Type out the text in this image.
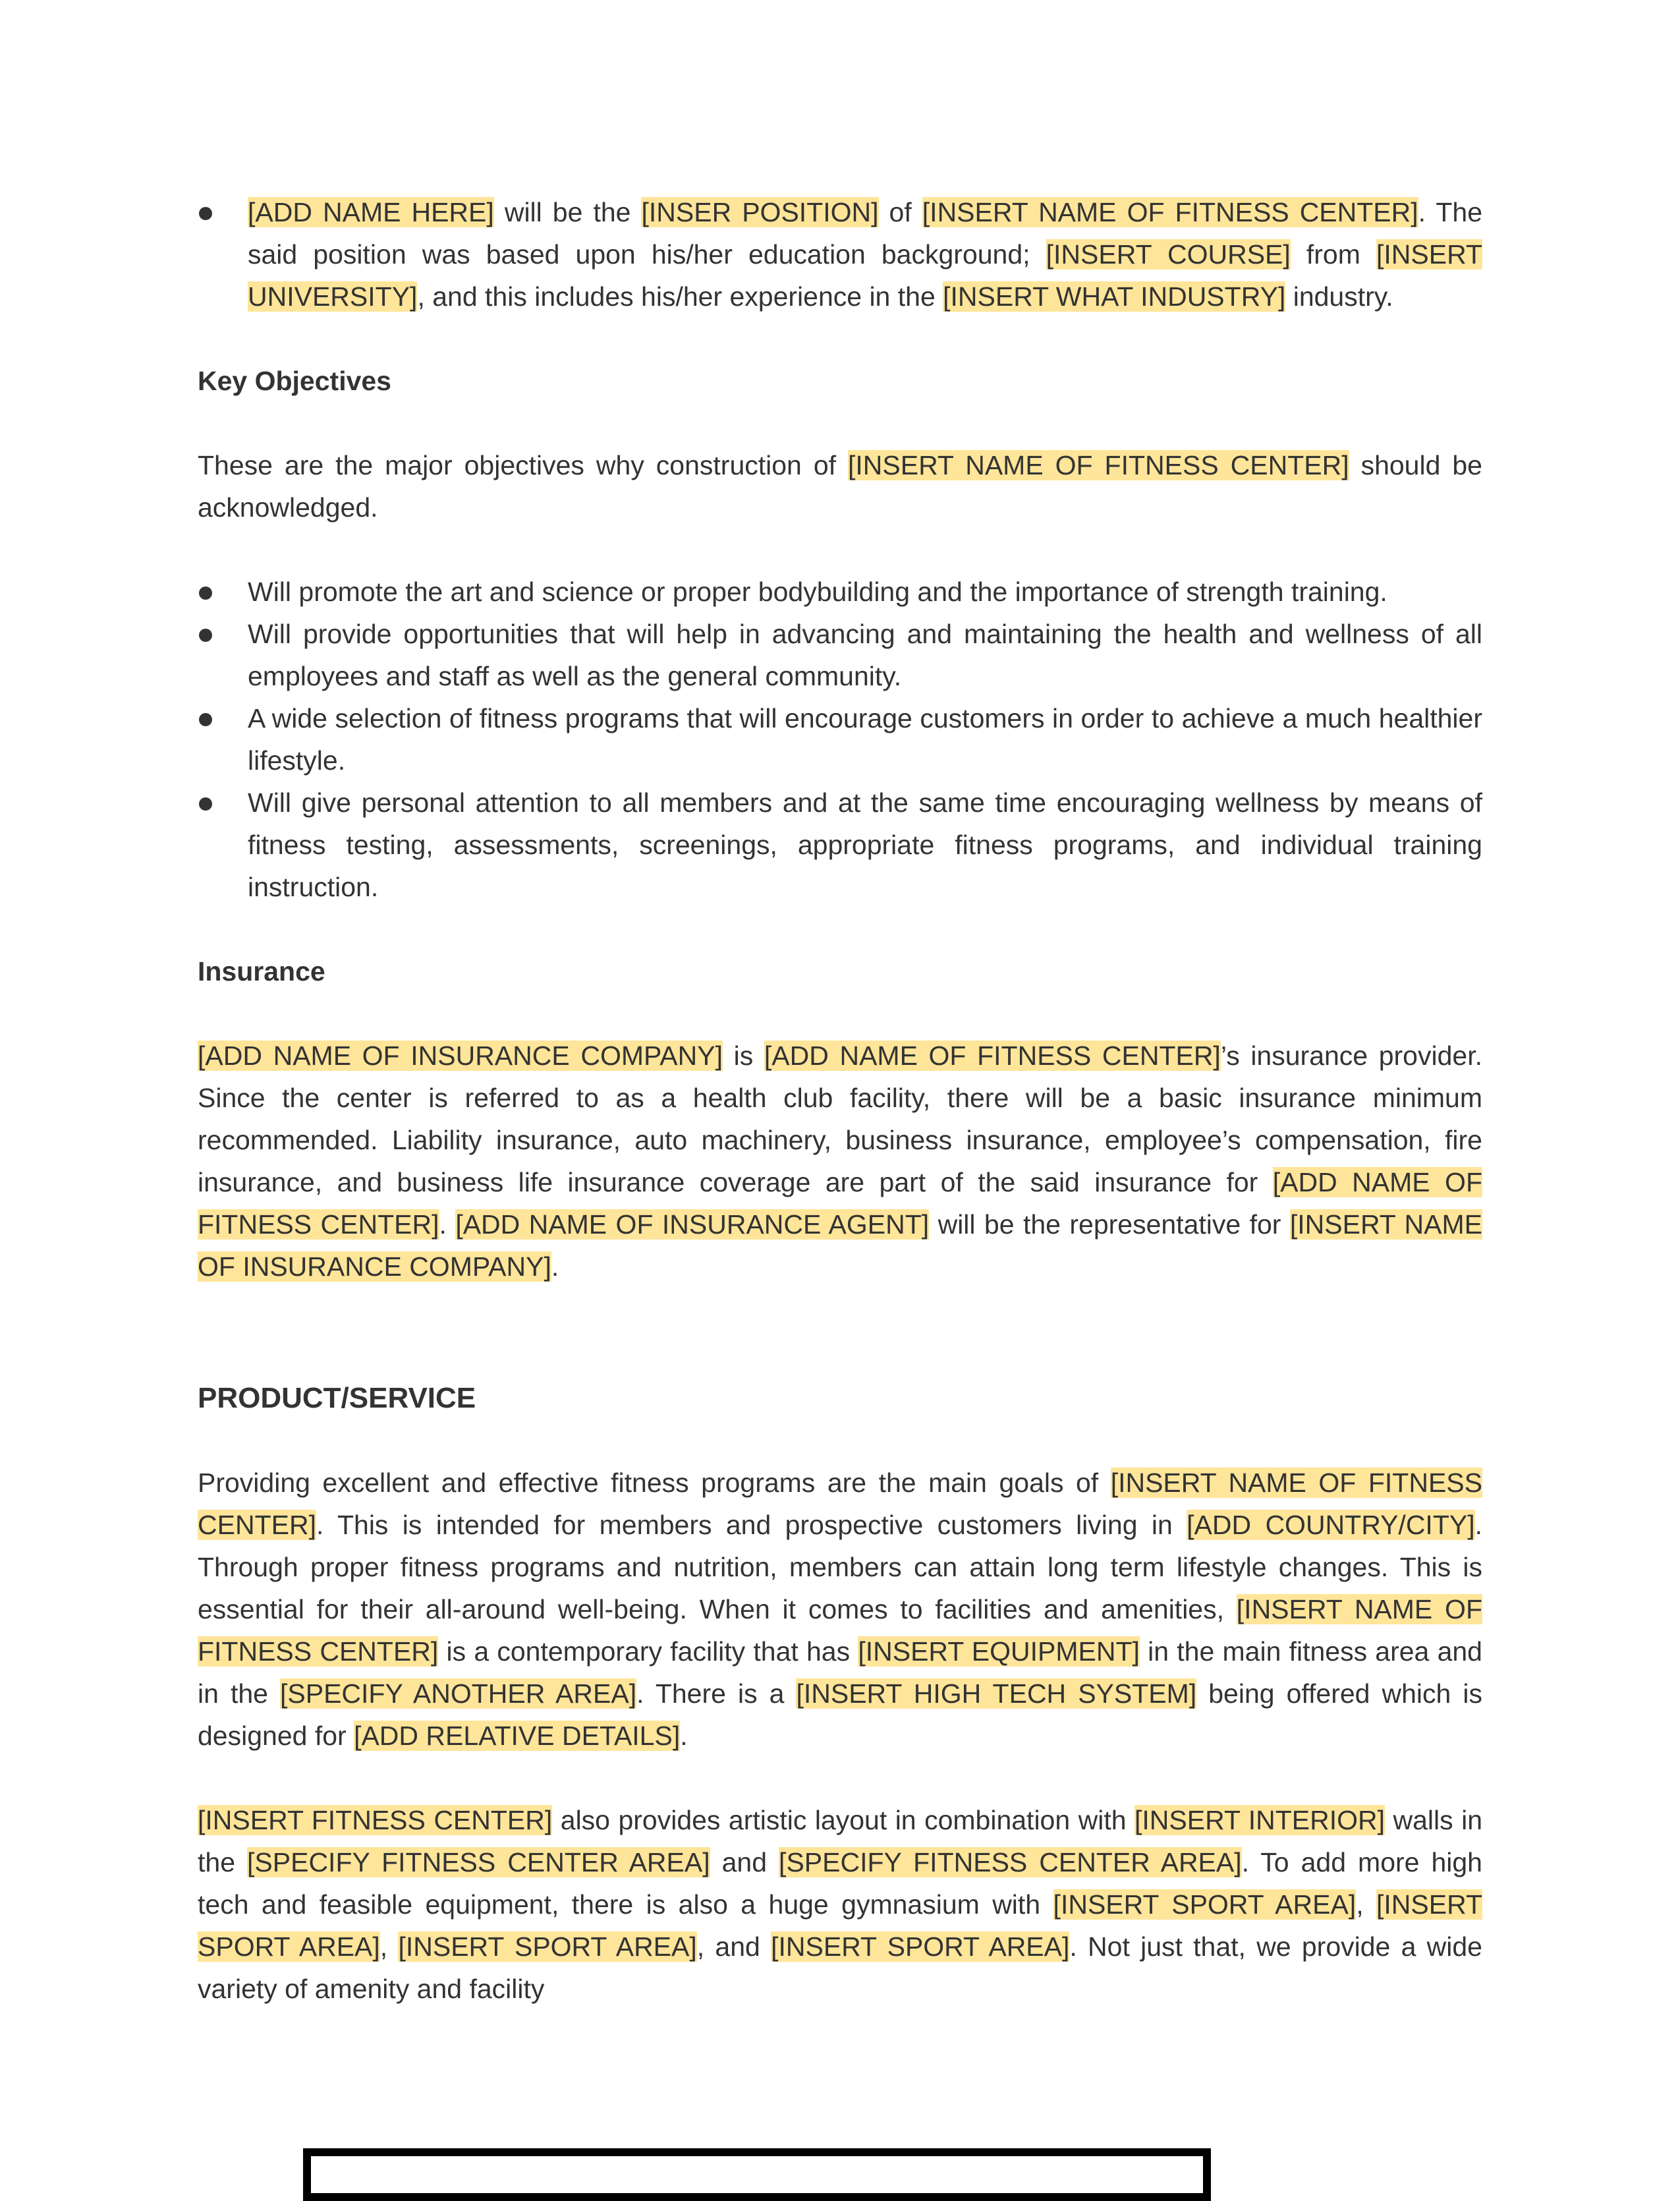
[ADD NAME HERE] will be the [INSER POSITION] of [INSERT NAME OF FITNESS CENTER]. The said position was based upon his/her education background; [INSERT COURSE] from [INSERT UNIVERSITY], and this includes his/her experience in the [INSERT WHAT INDUSTRY] industry.

Key Objectives

These are the major objectives why construction of [INSERT NAME OF FITNESS CENTER] should be acknowledged.

Will promote the art and science or proper bodybuilding and the importance of strength training.
Will provide opportunities that will help in advancing and maintaining the health and wellness of all employees and staff as well as the general community.
A wide selection of fitness programs that will encourage customers in order to achieve a much healthier lifestyle.
Will give personal attention to all members and at the same time encouraging wellness by means of fitness testing, assessments, screenings, appropriate fitness programs, and individual training instruction.

Insurance

[ADD NAME OF INSURANCE COMPANY] is [ADD NAME OF FITNESS CENTER]’s insurance provider. Since the center is referred to as a health club facility, there will be a basic insurance minimum recommended. Liability insurance, auto machinery, business insurance, employee’s compensation, fire insurance, and business life insurance coverage are part of the said insurance for [ADD NAME OF FITNESS CENTER]. [ADD NAME OF INSURANCE AGENT] will be the representative for [INSERT NAME OF INSURANCE COMPANY].

PRODUCT/SERVICE

Providing excellent and effective fitness programs are the main goals of [INSERT NAME OF FITNESS CENTER]. This is intended for members and prospective customers living in [ADD COUNTRY/CITY]. Through proper fitness programs and nutrition, members can attain long term lifestyle changes. This is essential for their all-around well-being. When it comes to facilities and amenities, [INSERT NAME OF FITNESS CENTER] is a contemporary facility that has [INSERT EQUIPMENT] in the main fitness area and in the [SPECIFY ANOTHER AREA]. There is a [INSERT HIGH TECH SYSTEM] being offered which is designed for [ADD RELATIVE DETAILS].

[INSERT FITNESS CENTER] also provides artistic layout in combination with [INSERT INTERIOR] walls in the [SPECIFY FITNESS CENTER AREA] and [SPECIFY FITNESS CENTER AREA]. To add more high tech and feasible equipment, there is also a huge gymnasium with [INSERT SPORT AREA], [INSERT SPORT AREA], [INSERT SPORT AREA], and [INSERT SPORT AREA]. Not just that, we provide a wide variety of amenity and facility
